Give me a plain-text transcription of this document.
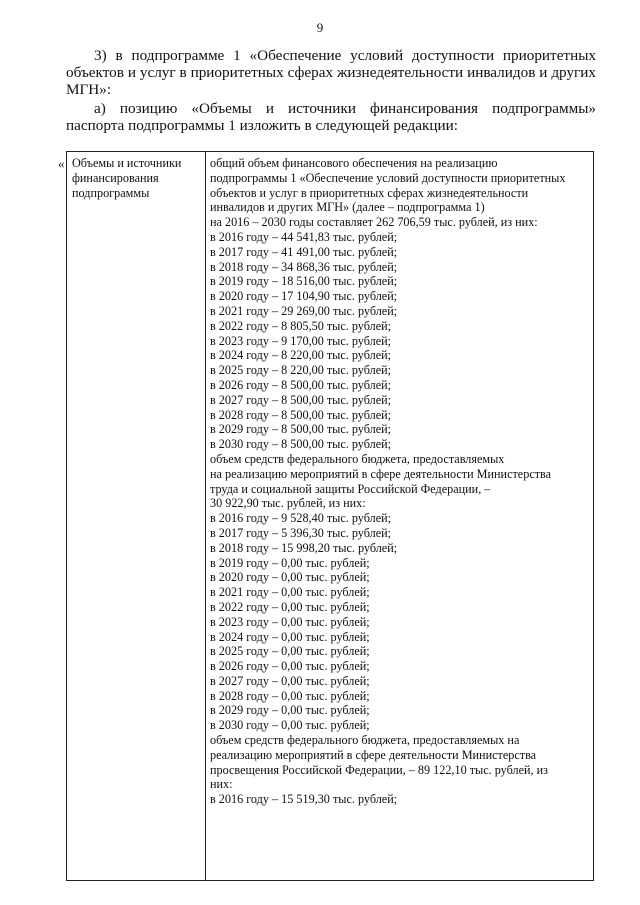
9

3) в подпрограмме 1 «Обеспечение условий доступности приоритетных объектов и услуг в приоритетных сферах жизнедеятельности инвалидов и других МГН»:

а) позицию «Объемы и источники финансирования подпрограммы» паспорта подпрограммы 1 изложить в следующей редакции:

« Объемы и источники финансирования подпрограммы

общий объем финансового обеспечения на реализацию
подпрограммы 1 «Обеспечение условий доступности приоритетных
объектов и услуг в приоритетных сферах жизнедеятельности
инвалидов и других МГН» (далее – подпрограмма 1)
на 2016 – 2030 годы составляет 262 706,59 тыс. рублей, из них:
в 2016 году – 44 541,83 тыс. рублей;
в 2017 году – 41 491,00 тыс. рублей;
в 2018 году – 34 868,36 тыс. рублей;
в 2019 году – 18 516,00 тыс. рублей;
в 2020 году – 17 104,90 тыс. рублей;
в 2021 году – 29 269,00 тыс. рублей;
в 2022 году – 8 805,50 тыс. рублей;
в 2023 году – 9 170,00 тыс. рублей;
в 2024 году – 8 220,00 тыс. рублей;
в 2025 году – 8 220,00 тыс. рублей;
в 2026 году – 8 500,00 тыс. рублей;
в 2027 году – 8 500,00 тыс. рублей;
в 2028 году – 8 500,00 тыс. рублей;
в 2029 году – 8 500,00 тыс. рублей;
в 2030 году – 8 500,00 тыс. рублей;
объем средств федерального бюджета, предоставляемых
на реализацию мероприятий в сфере деятельности Министерства
труда и социальной защиты Российской Федерации, –
30 922,90 тыс. рублей, из них:
в 2016 году – 9 528,40 тыс. рублей;
в 2017 году – 5 396,30 тыс. рублей;
в 2018 году – 15 998,20 тыс. рублей;
в 2019 году – 0,00 тыс. рублей;
в 2020 году – 0,00 тыс. рублей;
в 2021 году – 0,00 тыс. рублей;
в 2022 году – 0,00 тыс. рублей;
в 2023 году – 0,00 тыс. рублей;
в 2024 году – 0,00 тыс. рублей;
в 2025 году – 0,00 тыс. рублей;
в 2026 году – 0,00 тыс. рублей;
в 2027 году – 0,00 тыс. рублей;
в 2028 году – 0,00 тыс. рублей;
в 2029 году – 0,00 тыс. рублей;
в 2030 году – 0,00 тыс. рублей;
объем средств федерального бюджета, предоставляемых на
реализацию мероприятий в сфере деятельности Министерства
просвещения Российской Федерации, – 89 122,10 тыс. рублей, из
них:
в 2016 году – 15 519,30 тыс. рублей;
